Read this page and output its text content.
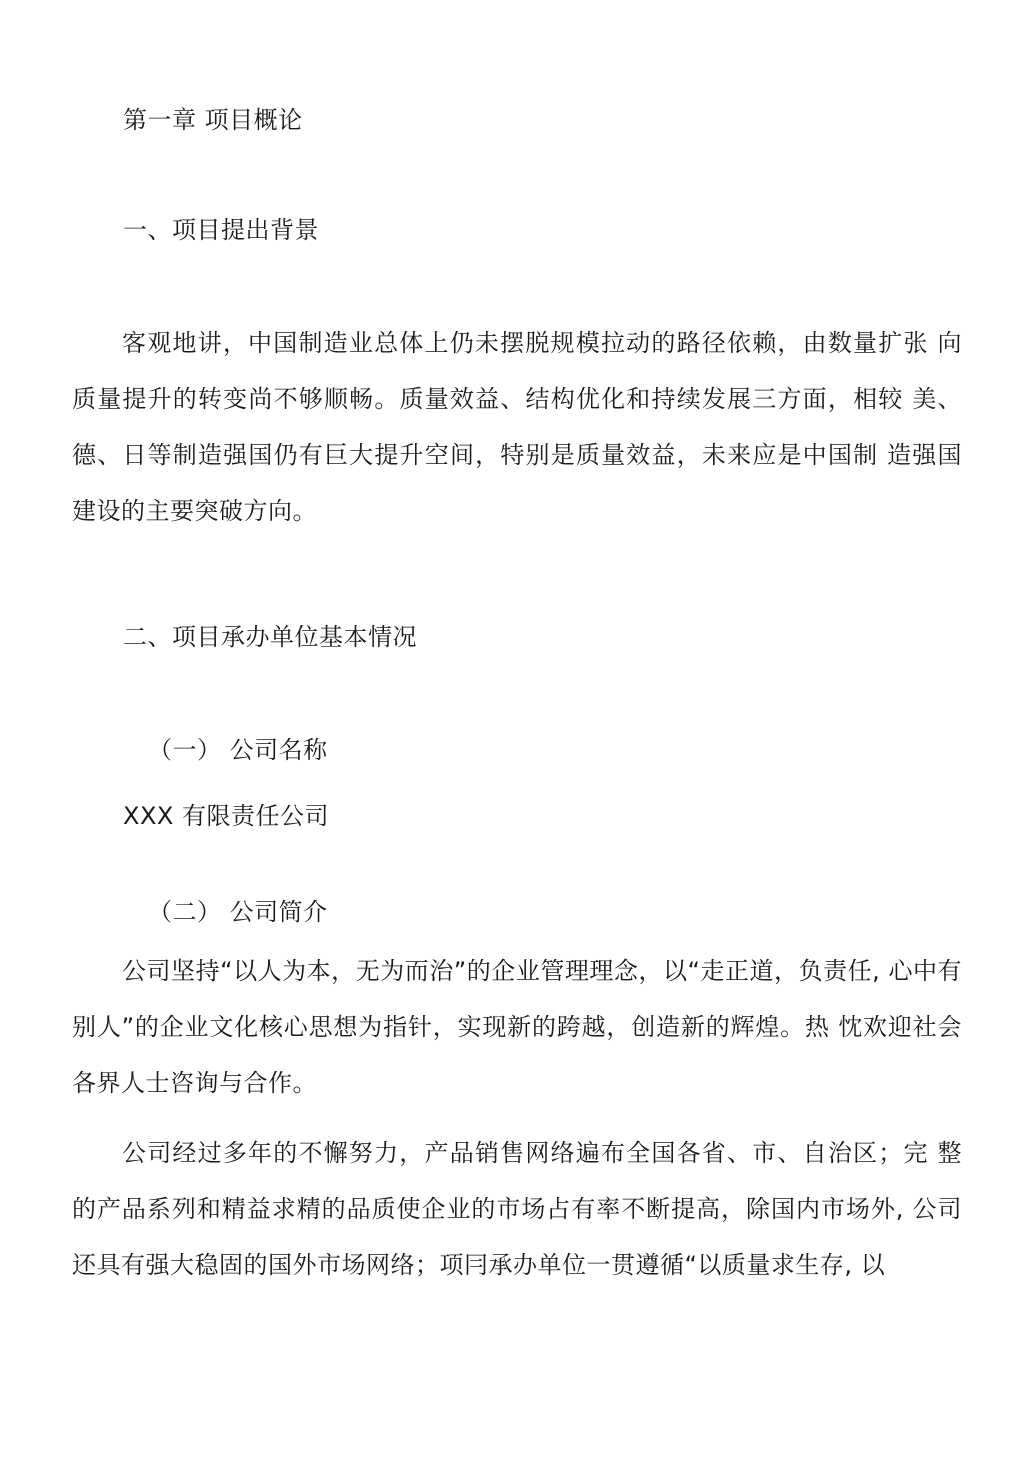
第一章 项目概论
一、项目提出背景
客观地讲，中国制造业总体上仍未摆脱规模拉动的路径依赖，由数量扩张 向质量提升的转变尚不够顺畅。质量效益、结构优化和持续发展三方面，相较 美、德、日等制造强国仍有巨大提升空间，特别是质量效益，未来应是中国制 造强国建设的主要突破方向。
二、项目承办单位基本情况
（一） 公司名称
XXX 有限责任公司
（二） 公司简介
公司坚持“以人为本，无为而治”的企业管理理念，以“走正道，负责任, 心中有别人”的企业文化核心思想为指针，实现新的跨越，创造新的辉煌。热 忱欢迎社会各界人士咨询与合作。
公司经过多年的不懈努力，产品销售网络遍布全国各省、市、自治区；完 整的产品系列和精益求精的品质使企业的市场占有率不断提高，除国内市场外, 公司还具有强大稳固的国外市场网络；项冃承办单位一贯遵循“以质量求生存, 以
